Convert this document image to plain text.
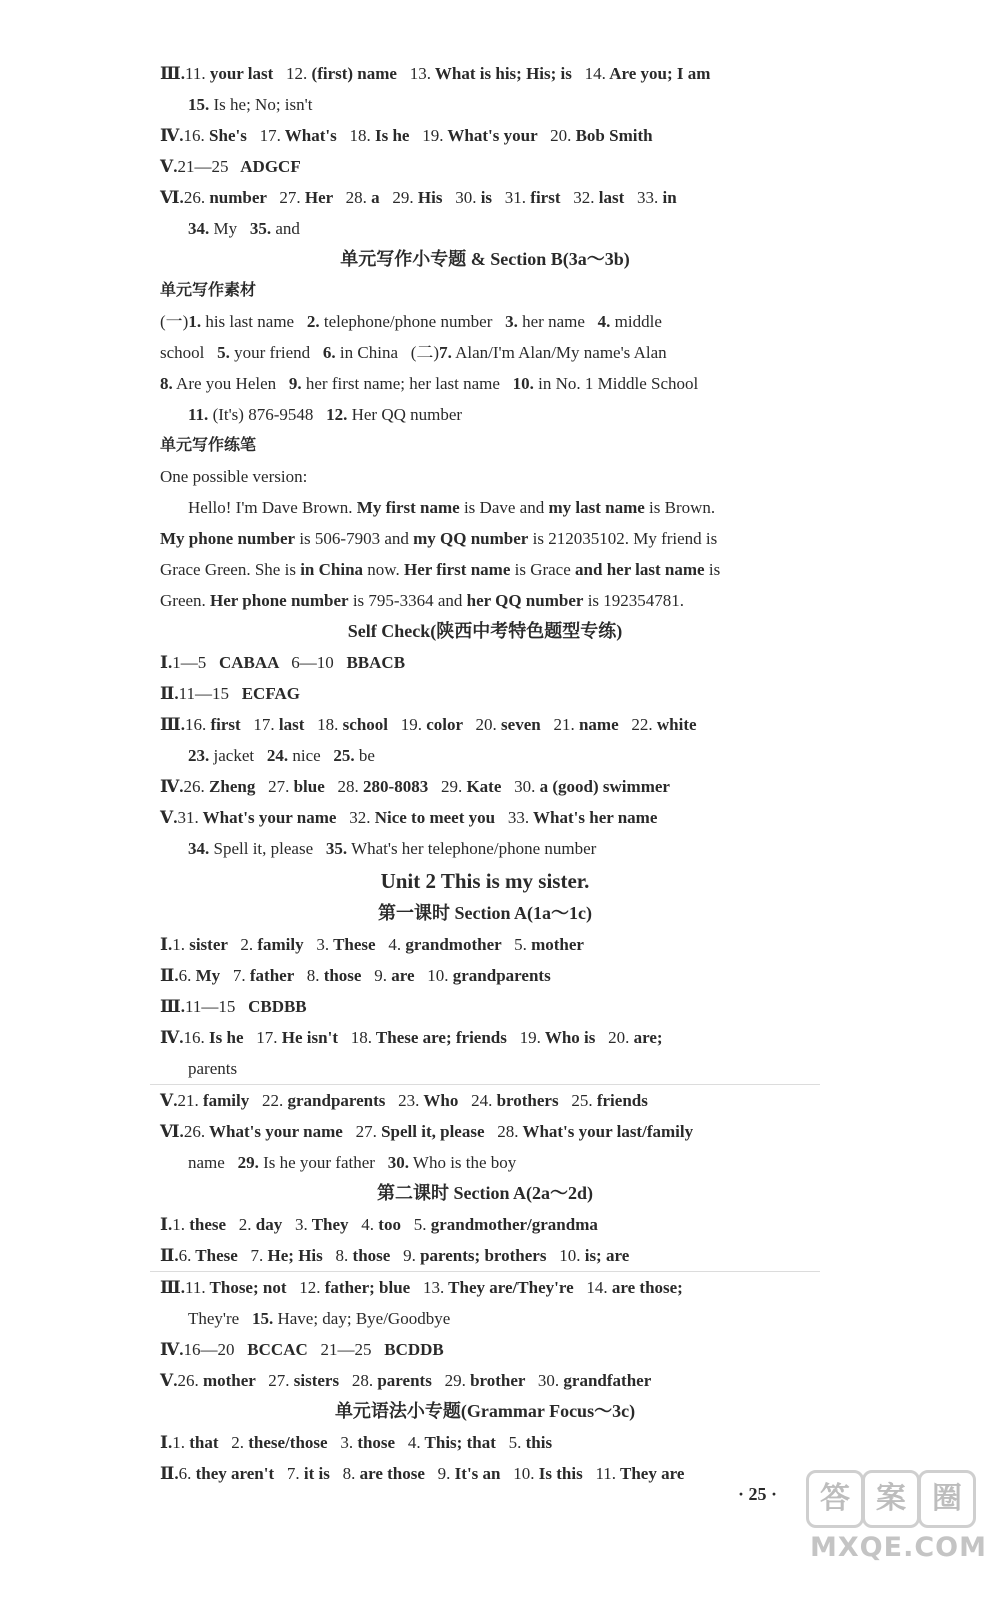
Ⅲ.11. your last   12. (first) name   13. What is his; His; is   14. Are you; I am
15. Is he; No; isn't
Ⅳ.16. She's   17. What's   18. Is he   19. What's your   20. Bob Smith
Ⅴ.21—25   ADGCF
Ⅵ.26. number   27. Her   28. a   29. His   30. is   31. first   32. last   33. in
34. My   35. and
单元写作小专题 & Section B(3a～3b)
单元写作素材
(一)1. his last name   2. telephone/phone number   3. her name   4. middle
school   5. your friend   6. in China   (二)7. Alan/I'm Alan/My name's Alan
8. Are you Helen   9. her first name; her last name   10. in No. 1 Middle School
11. (It's) 876-9548   12. Her QQ number
单元写作练笔
One possible version:
Hello! I'm Dave Brown. My first name is Dave and my last name is Brown.
My phone number is 506-7903 and my QQ number is 212035102. My friend is
Grace Green. She is in China now. Her first name is Grace and her last name is
Green. Her phone number is 795-3364 and her QQ number is 192354781.
Self Check(陕西中考特色题型专练)
Ⅰ.1—5   CABAA   6—10   BBACB
Ⅱ.11—15   ECFAG
Ⅲ.16. first   17. last   18. school   19. color   20. seven   21. name   22. white
23. jacket   24. nice   25. be
Ⅳ.26. Zheng   27. blue   28. 280-8083   29. Kate   30. a (good) swimmer
Ⅴ.31. What's your name   32. Nice to meet you   33. What's her name
34. Spell it, please   35. What's her telephone/phone number
Unit 2 This is my sister.
第一课时 Section A(1a～1c)
Ⅰ.1. sister   2. family   3. These   4. grandmother   5. mother
Ⅱ.6. My   7. father   8. those   9. are   10. grandparents
Ⅲ.11—15   CBDBB
Ⅳ.16. Is he   17. He isn't   18. These are; friends   19. Who is   20. are;
parents
Ⅴ.21. family   22. grandparents   23. Who   24. brothers   25. friends
Ⅵ.26. What's your name   27. Spell it, please   28. What's your last/family
name   29. Is he your father   30. Who is the boy
第二课时 Section A(2a～2d)
Ⅰ.1. these   2. day   3. They   4. too   5. grandmother/grandma
Ⅱ.6. These   7. He; His   8. those   9. parents; brothers   10. is; are
Ⅲ.11. Those; not   12. father; blue   13. They are/They're   14. are those;
They're   15. Have; day; Bye/Goodbye
Ⅳ.16—20   BCCAC   21—25   BCDDB
Ⅴ.26. mother   27. sisters   28. parents   29. brother   30. grandfather
单元语法小专题(Grammar Focus～3c)
Ⅰ.1. that   2. these/those   3. those   4. This; that   5. this
Ⅱ.6. they aren't   7. it is   8. are those   9. It's an   10. Is this   11. They are
· 25 ·	答 案 圈
MXQE.COM
